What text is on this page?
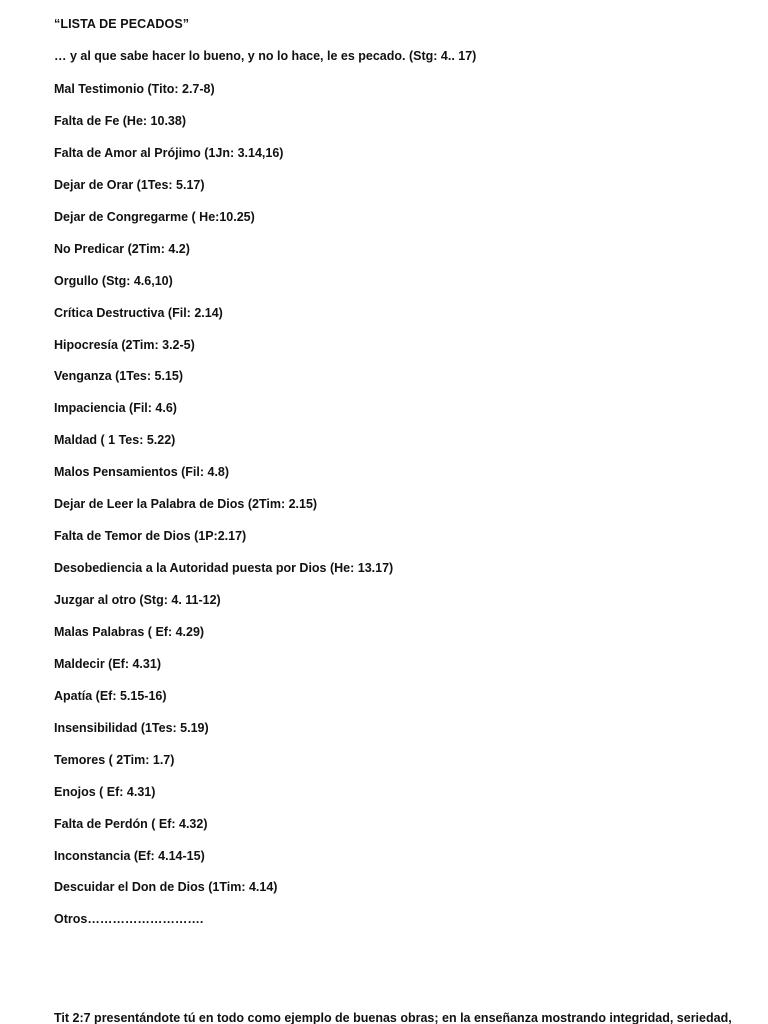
“LISTA DE PECADOS”
… y al que sabe hacer lo bueno, y no lo hace, le es pecado. (Stg: 4.. 17)
Mal Testimonio (Tito: 2.7-8)
Falta de Fe (He: 10.38)
Falta de Amor al Prójimo (1Jn: 3.14,16)
Dejar de Orar (1Tes: 5.17)
Dejar de Congregarme ( He:10.25)
No Predicar (2Tim: 4.2)
Orgullo (Stg: 4.6,10)
Crítica Destructiva (Fil: 2.14)
Hipocresía (2Tim: 3.2-5)
Venganza (1Tes: 5.15)
Impaciencia (Fil: 4.6)
Maldad ( 1 Tes: 5.22)
Malos Pensamientos (Fil: 4.8)
Dejar de Leer la Palabra de Dios (2Tim: 2.15)
Falta de Temor de Dios (1P:2.17)
Desobediencia a la Autoridad puesta por Dios (He: 13.17)
Juzgar al otro (Stg: 4. 11-12)
Malas Palabras ( Ef: 4.29)
Maldecir (Ef: 4.31)
Apatía (Ef: 5.15-16)
Insensibilidad (1Tes: 5.19)
Temores ( 2Tim: 1.7)
Enojos ( Ef: 4.31)
Falta de Perdón ( Ef: 4.32)
Inconstancia (Ef: 4.14-15)
Descuidar el Don de Dios (1Tim: 4.14)
Otros……………………….
Tit 2:7 presentándote tú en todo como ejemplo de buenas obras; en la enseñanza mostrando integridad, seriedad,
